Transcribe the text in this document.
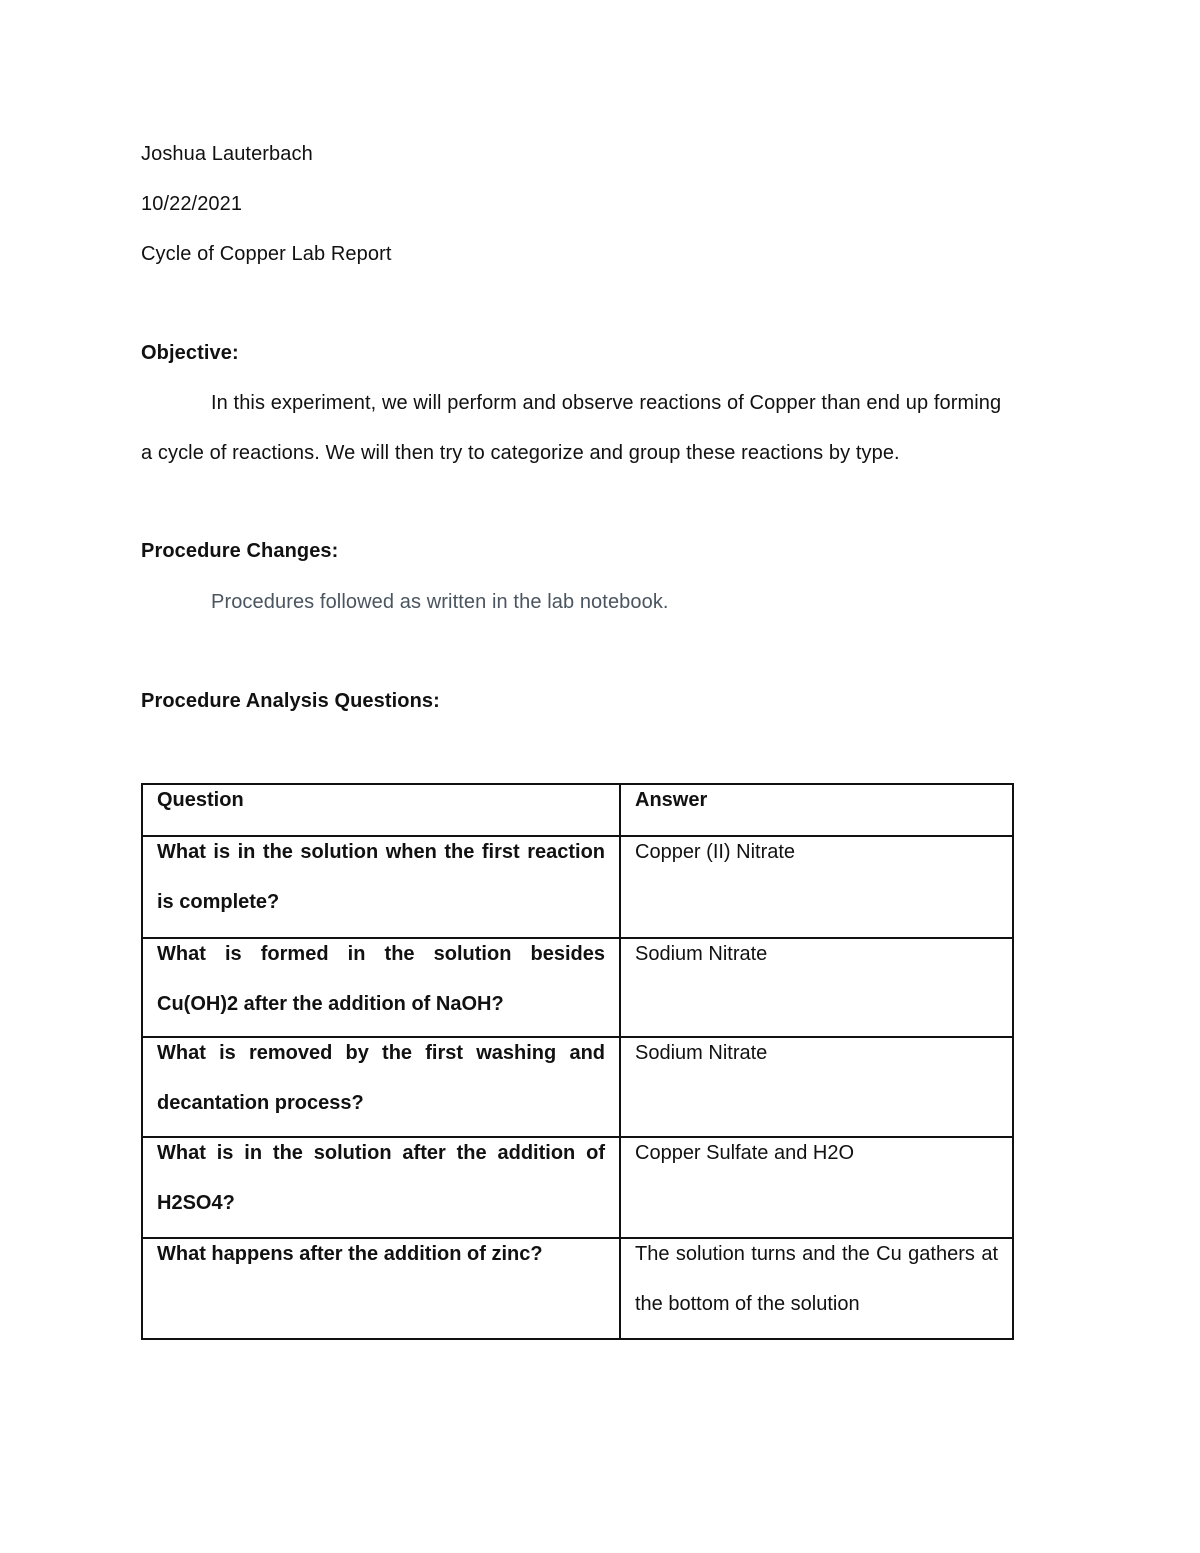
Joshua Lauterbach
10/22/2021
Cycle of Copper Lab Report
Objective:
In this experiment, we will perform and observe reactions of Copper than end up forming
a cycle of reactions. We will then try to categorize and group these reactions by type.
Procedure Changes:
Procedures followed as written in the lab notebook.
Procedure Analysis Questions:
Question	Answer

What is in the solution when the first reaction is complete?	Copper (II) Nitrate

What is formed in the solution besides Cu(OH)2 after the addition of NaOH?	Sodium Nitrate

What is removed by the first washing and decantation process?	Sodium Nitrate

What is in the solution after the addition of H2SO4?	Copper Sulfate and H2O

What happens after the addition of zinc?	The solution turns and the Cu gathers at the bottom of the solution
